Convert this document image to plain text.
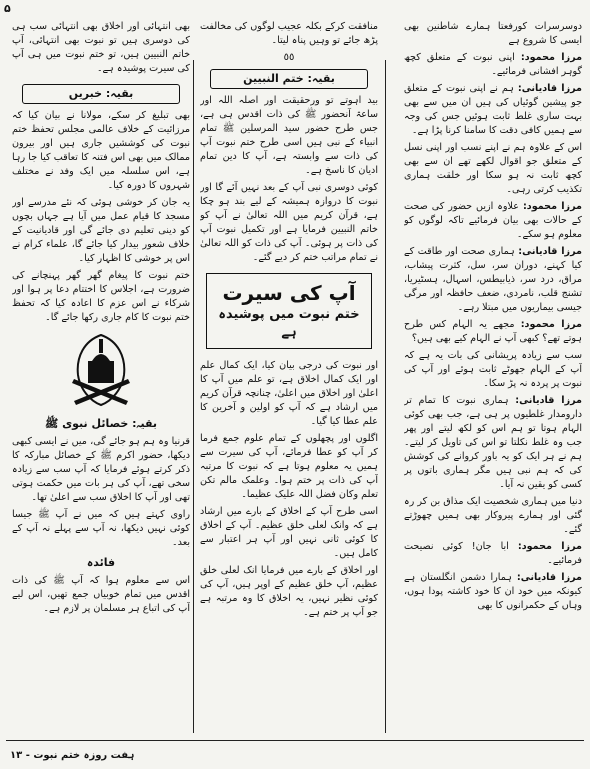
۵

دوسرسرات کورفعتا ہمارے شاطنین بھی ایسی کا شروع ہے

مرزا محمود: اپنی نبوت کے متعلق کچھ گوہر افشانی فرمائیے۔

مرزا قادیانی: ہم نے اپنی نبوت کے متعلق جو پیشین گوئیاں کی ہیں ان میں سے بھی بہت ساری غلط ثابت ہوئیں جس کی وجہ سے ہمیں کافی دقت کا سامنا کرنا پڑا ہے۔

اس کے علاوہ ہم نے اپنے نسب اور اپنی نسل کے متعلق جو اقوال لکھے تھے ان سے بھی کچھ ثابت نہ ہو سکا اور خلقت ہماری تکذیب کرتی رہی۔

مرزا محمود: علاوہ ازیں حضور کی صحت کے حالات بھی بیان فرمائیے تاکہ لوگوں کو معلوم ہو سکے۔

مرزا قادیانی: ہماری صحت اور طاقت کے کیا کہنے، دوران سر، سل، کثرت پیشاب، مراق، درد سر، ذیابیطس، اسہال، ہسٹیریا، تشنج قلب، نامردی، ضعف حافظہ اور مرگی جیسی بیماریوں میں مبتلا رہے۔

مرزا محمود: مجھے یہ الہام کس طرح ہوتے تھے؟ کبھی آپ نے الہام کیے بھی ہیں؟

سب سے زیادہ پریشانی کی بات یہ ہے کہ آپ کے الہام جھوٹے ثابت ہوئے اور آپ کی نبوت پر پردہ نہ پڑ سکا۔

مرزا قادیانی: ہماری نبوت کا تمام تر دارومدار غلطیوں پر ہی ہے، جب بھی کوئی الہام ہوتا تو ہم اس کو لکھ لیتے اور پھر جب وہ غلط نکلتا تو اس کی تاویل کر لیتے۔ ہم نے ہر ایک کو یہ باور کروانے کی کوشش کی کہ ہم نبی ہیں مگر ہماری باتوں پر کسی کو یقین نہ آیا۔

دنیا میں ہماری شخصیت ایک مذاق بن کر رہ گئی اور ہمارے پیروکار بھی ہمیں چھوڑتے گئے۔

مرزا محمود: ابا جان! کوئی نصیحت فرمائیے۔

مرزا قادیانی: ہمارا دشمن انگلستان ہے کیونکہ میں خود ان کا خود کاشتہ پودا ہوں، وہاں کے حکمرانوں کا بھی

منافقت کرکے بکلہ عجیب لوگوں کی مخالفت پڑھ جائے تو وہیں پناہ لیتا۔

٥٥
بقیہ: ختم النبیین

بید اہوتے تو ورحقیقت اور اصلہ اللہ اور ساعۃ آنحضور ﷺ کی ذات اقدس ہی ہے، جس طرح حضور سید المرسلین ﷺ تمام انبیاء کے نبی ہیں اسی طرح ختم نبوت آپ کی ذات سے وابستہ ہے، آپ کا دین تمام ادیان کا ناسخ ہے۔

کوئی دوسری نبی آپ کے بعد نہیں آئے گا اور نبوت کا دروازہ ہمیشہ کے لیے بند ہو چکا ہے، قرآن کریم میں اللہ تعالیٰ نے آپ کو خاتم النبیین فرمایا ہے اور تکمیل نبوت آپ کی ذات پر ہوئی۔ آپ کی ذات کو اللہ تعالیٰ نے تمام مراتب ختم کر دیے گئے۔

آپ کی سیرت
ختم نبوت میں پوشیدہ ہے

اور نبوت کی درجی بیان کیا، ایک کمال علم اور ایک کمال اخلاق ہے، تو علم میں آپ کا اعلیٰ اور اخلاق میں اعلیٰ، چنانچہ قرآن کریم میں ارشاد ہے کہ آپ کو اولین و آخرین کا علم عطا کیا گیا۔

اگلوں اور پچھلوں کے تمام علوم جمع فرما کر آپ کو عطا فرمائے، آپ کی سیرت سے ہمیں یہ معلوم ہوتا ہے کہ نبوت کا مرتبہ آپ کی ذات پر ختم ہوا۔ وعلمک مالم تکن تعلم وکان فضل اللہ علیک عظیما۔

اسی طرح آپ کے اخلاق کے بارے میں ارشاد ہے کہ وانک لعلی خلق عظیم۔ آپ کے اخلاق کا کوئی ثانی نہیں اور آپ ہر اعتبار سے کامل ہیں۔

اور اخلاق کے بارے میں فرمایا انک لعلی خلق عظیم، آپ خلق عظیم کے اوپر ہیں، آپ کی کوئی نظیر نہیں، یہ اخلاق کا وہ مرتبہ ہے جو آپ پر ختم ہے۔

بھی انتہائی اور اخلاق بھی انتہائی سب ہی کی دوسری ہیں تو نبوت بھی انتہائی، آپ خاتم النبیین ہیں، تو ختم نبوت میں ہی آپ کی سیرت پوشیدہ ہے۔

بقیہ: خبریں

بھی تبلیغ کر سکے، مولانا نے بیان کیا کہ مرزائیت کے خلاف عالمی مجلس تحفظ ختم نبوت کی کوششیں جاری ہیں اور بیرون ممالک میں بھی اس فتنہ کا تعاقب کیا جا رہا ہے، اس سلسلہ میں ایک وفد نے مختلف شہروں کا دورہ کیا۔

یہ جان کر خوشی ہوئی کہ نئے مدرسے اور مسجد کا قیام عمل میں آیا ہے جہاں بچوں کو دینی تعلیم دی جائے گی اور قادیانیت کے خلاف شعور بیدار کیا جائے گا، علماء کرام نے اس پر خوشی کا اظہار کیا۔

ختم نبوت کا پیغام گھر گھر پہنچانے کی ضرورت ہے، اجلاس کا اختتام دعا پر ہوا اور شرکاء نے اس عزم کا اعادہ کیا کہ تحفظ ختم نبوت کا کام جاری رکھا جائے گا۔

بقیہ: خصائل نبوی ﷺ

قرنیا وہ ہم ہو جائے گی، میں نے ایسی کبھی دیکھا، حضور اکرم ﷺ کے خصائل مبارکہ کا ذکر کرتے ہوئے فرمایا کہ آپ سب سے زیادہ سخی تھے، آپ کی ہر بات میں حکمت ہوتی تھی اور آپ کا اخلاق سب سے اعلیٰ تھا۔

راوی کہتے ہیں کہ میں نے آپ ﷺ جیسا کوئی نہیں دیکھا، نہ آپ سے پہلے نہ آپ کے بعد۔

فائدہ

اس سے معلوم ہوا کہ آپ ﷺ کی ذات اقدس میں تمام خوبیاں جمع تھیں، اس لیے آپ کی اتباع ہر مسلمان پر لازم ہے۔

ہفت روزہ ختم نبوت - ١٣
